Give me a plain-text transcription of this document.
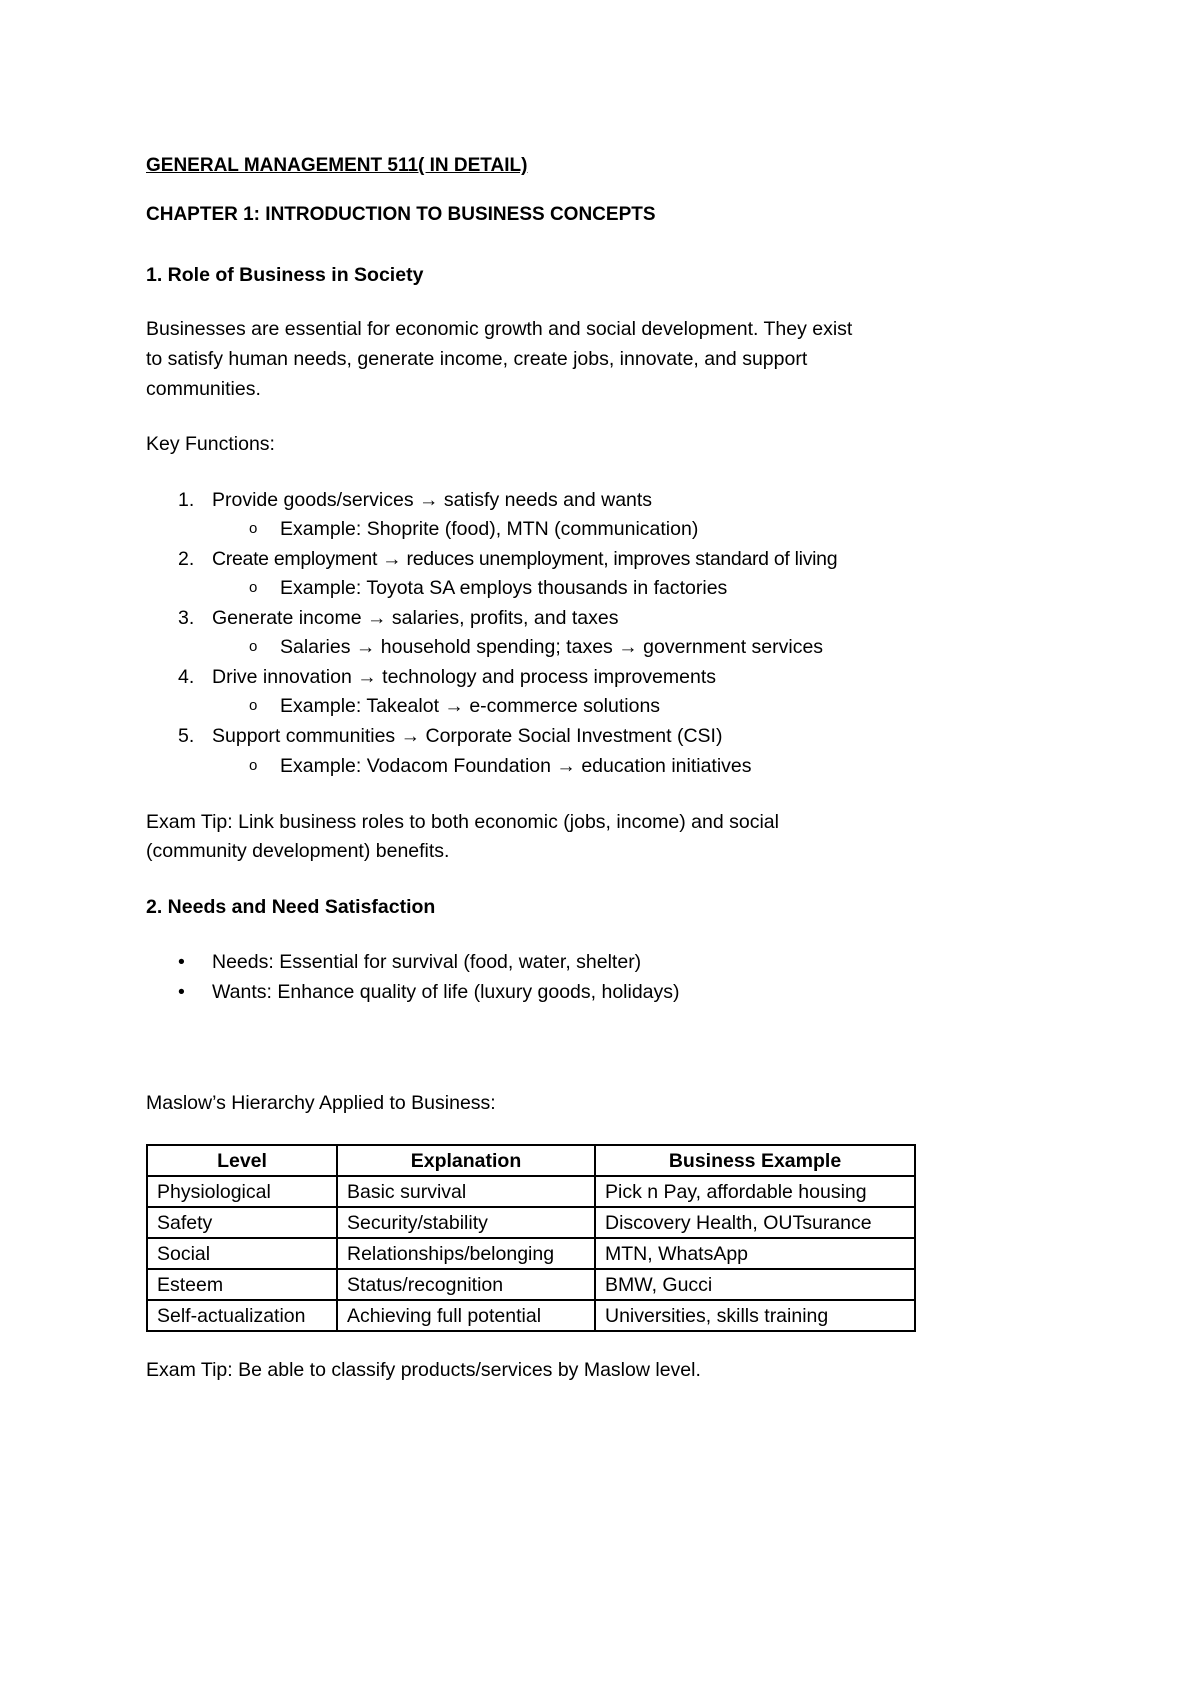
GENERAL MANAGEMENT 511( IN DETAIL)
CHAPTER 1: INTRODUCTION TO BUSINESS CONCEPTS
1. Role of Business in Society
Businesses are essential for economic growth and social development. They exist
to satisfy human needs, generate income, create jobs, innovate, and support
communities.
Key Functions:
1. Provide goods/services → satisfy needs and wants
o Example: Shoprite (food), MTN (communication)
2. Create employment → reduces unemployment, improves standard of living
o Example: Toyota SA employs thousands in factories
3. Generate income → salaries, profits, and taxes
o Salaries → household spending; taxes → government services
4. Drive innovation → technology and process improvements
o Example: Takealot → e-commerce solutions
5. Support communities → Corporate Social Investment (CSI)
o Example: Vodacom Foundation → education initiatives
Exam Tip: Link business roles to both economic (jobs, income) and social
(community development) benefits.
2. Needs and Need Satisfaction
• Needs: Essential for survival (food, water, shelter)
• Wants: Enhance quality of life (luxury goods, holidays)
Maslow’s Hierarchy Applied to Business:
Level	Explanation	Business Example
Physiological	Basic survival	Pick n Pay, affordable housing
Safety	Security/stability	Discovery Health, OUTsurance
Social	Relationships/belonging	MTN, WhatsApp
Esteem	Status/recognition	BMW, Gucci
Self-actualization	Achieving full potential	Universities, skills training
Exam Tip: Be able to classify products/services by Maslow level.
